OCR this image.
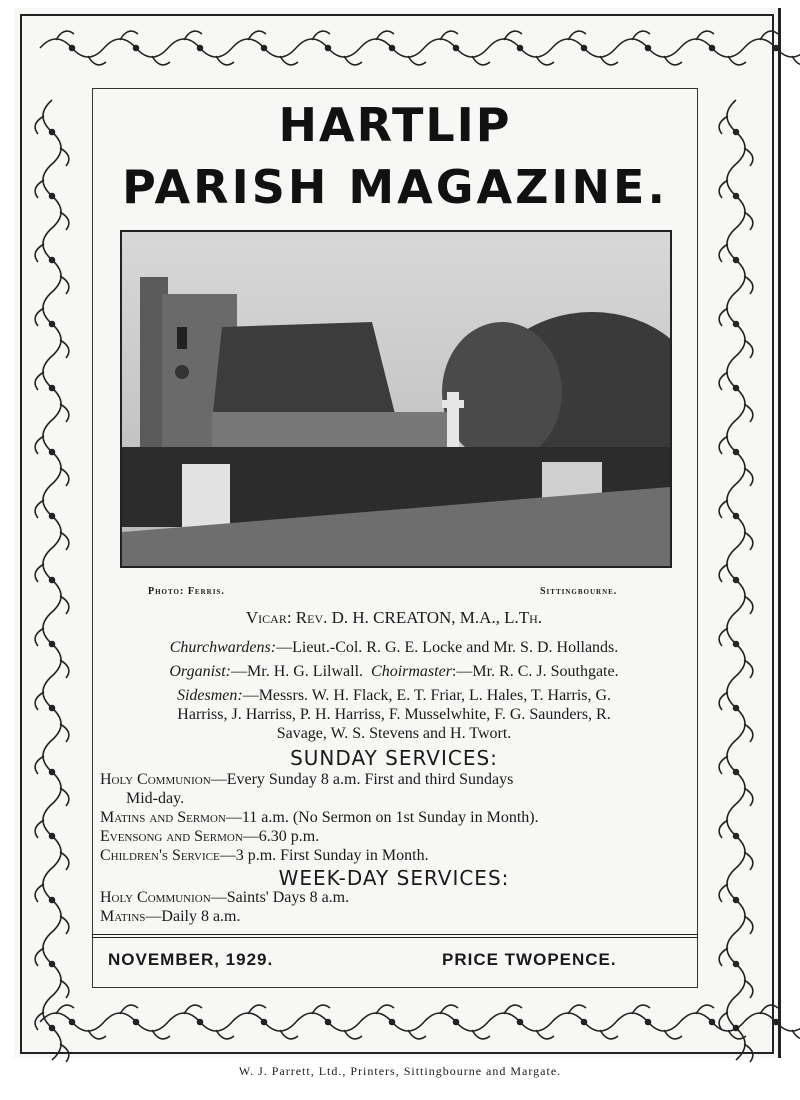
HARTLIP
PARISH MAGAZINE.
Photo: Ferris.	Sittingbourne.
Vicar: Rev. D. H. CREATON, M.A., L.Th.
Churchwardens:—Lieut.-Col. R. G. E. Locke and Mr. S. D. Hollands.
Organist:—Mr. H. G. Lilwall. Choirmaster:—Mr. R. C. J. Southgate.
Sidesmen:—Messrs. W. H. Flack, E. T. Friar, L. Hales, T. Harris, G.
Harriss, J. Harriss, P. H. Harriss, F. Musselwhite, F. G. Saunders, R.
Savage, W. S. Stevens and H. Twort.
SUNDAY SERVICES:
Holy Communion—Every Sunday 8 a.m. First and third Sundays
Mid-day.
Matins and Sermon—11 a.m. (No Sermon on 1st Sunday in Month).
Evensong and Sermon—6.30 p.m.
Children's Service—3 p.m. First Sunday in Month.
WEEK-DAY SERVICES:
Holy Communion—Saints' Days 8 a.m.
Matins—Daily 8 a.m.
NOVEMBER, 1929.	PRICE TWOPENCE.
W. J. Parrett, Ltd., Printers, Sittingbourne and Margate.
